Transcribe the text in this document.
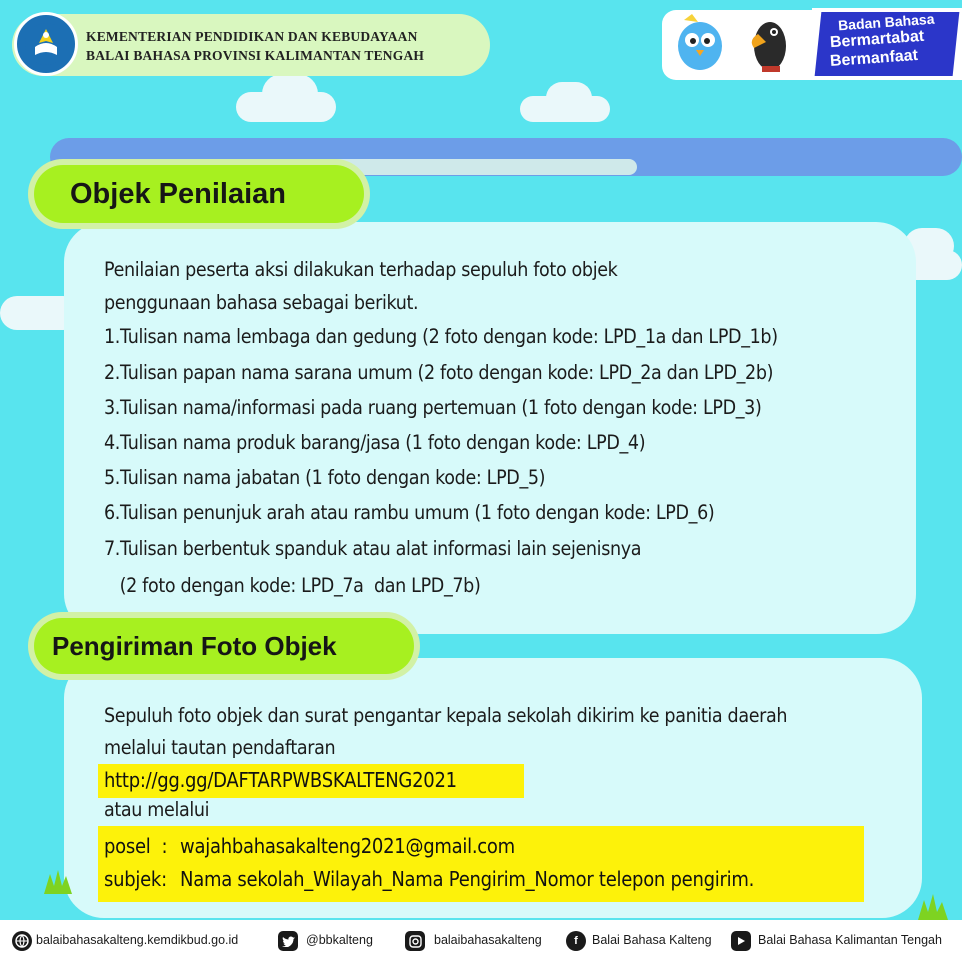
KEMENTERIAN PENDIDIKAN DAN KEBUDAYAAN
BALAI BAHASA PROVINSI KALIMANTAN TENGAH
Badan Bahasa
Bermartabat
Bermanfaat
Objek Penilaian
Penilaian peserta aksi dilakukan terhadap sepuluh foto objek
penggunaan bahasa sebagai berikut.
1.Tulisan nama lembaga dan gedung (2 foto dengan kode: LPD_1a dan LPD_1b)
2.Tulisan papan nama sarana umum (2 foto dengan kode: LPD_2a dan LPD_2b)
3.Tulisan nama/informasi pada ruang pertemuan (1 foto dengan kode: LPD_3)
4.Tulisan nama produk barang/jasa (1 foto dengan kode: LPD_4)
5.Tulisan nama jabatan (1 foto dengan kode: LPD_5)
6.Tulisan penunjuk arah atau rambu umum (1 foto dengan kode: LPD_6)
7.Tulisan berbentuk spanduk atau alat informasi lain sejenisnya
(2 foto dengan kode: LPD_7a  dan LPD_7b)
Pengiriman Foto Objek
Sepuluh foto objek dan surat pengantar kepala sekolah dikirim ke panitia daerah
melalui tautan pendaftaran
http://gg.gg/DAFTARPWBSKALTENG2021
atau melalui
posel  : wajahbahasakalteng2021@gmail.com
subjek: Nama sekolah_Wilayah_Nama Pengirim_Nomor telepon pengirim.
balaibahasakalteng.kemdikbud.go.id	@bbkalteng	balaibahasakalteng	f	Balai Bahasa Kalteng	Balai Bahasa Kalimantan Tengah
